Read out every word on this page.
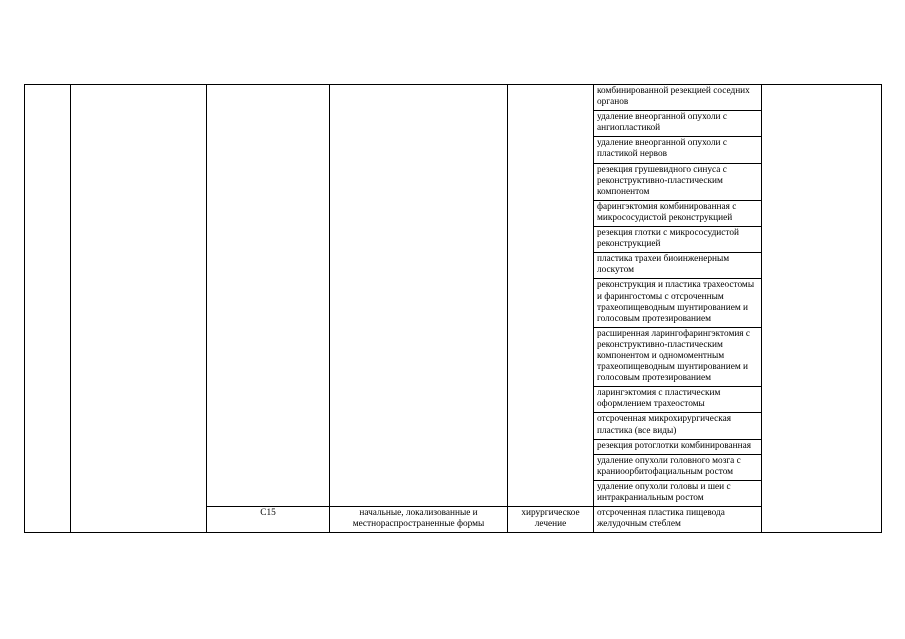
					комбинированной резекцией соседних органов	
					удаление внеорганной опухоли с ангиопластикой	
					удаление внеорганной опухоли с пластикой нервов	
					резекция грушевидного синуса с реконструктивно-пластическим компонентом	
					фарингэктомия комбинированная с микрососудистой реконструкцией	
					резекция глотки с микрососудистой реконструкцией	
					пластика трахеи биоинженерным лоскутом	
					реконструкция и пластика трахеостомы и фарингостомы с отсроченным трахеопищеводным шунтированием и голосовым протезированием	
					расширенная ларингофарингэктомия с реконструктивно-пластическим компонентом и одномоментным трахеопищеводным шунтированием и голосовым протезированием	
					ларингэктомия с пластическим оформлением трахеостомы	
					отсроченная микрохирургическая пластика (все виды)	
					резекция ротоглотки комбинированная	
					удаление опухоли головного мозга с краниоорбитофациальным ростом	
					удаление опухоли головы и шеи с интракраниальным ростом	
		C15	начальные, локализованные и местнораспространенные формы	хирургическое лечение	отсроченная пластика пищевода желудочным стеблем	
